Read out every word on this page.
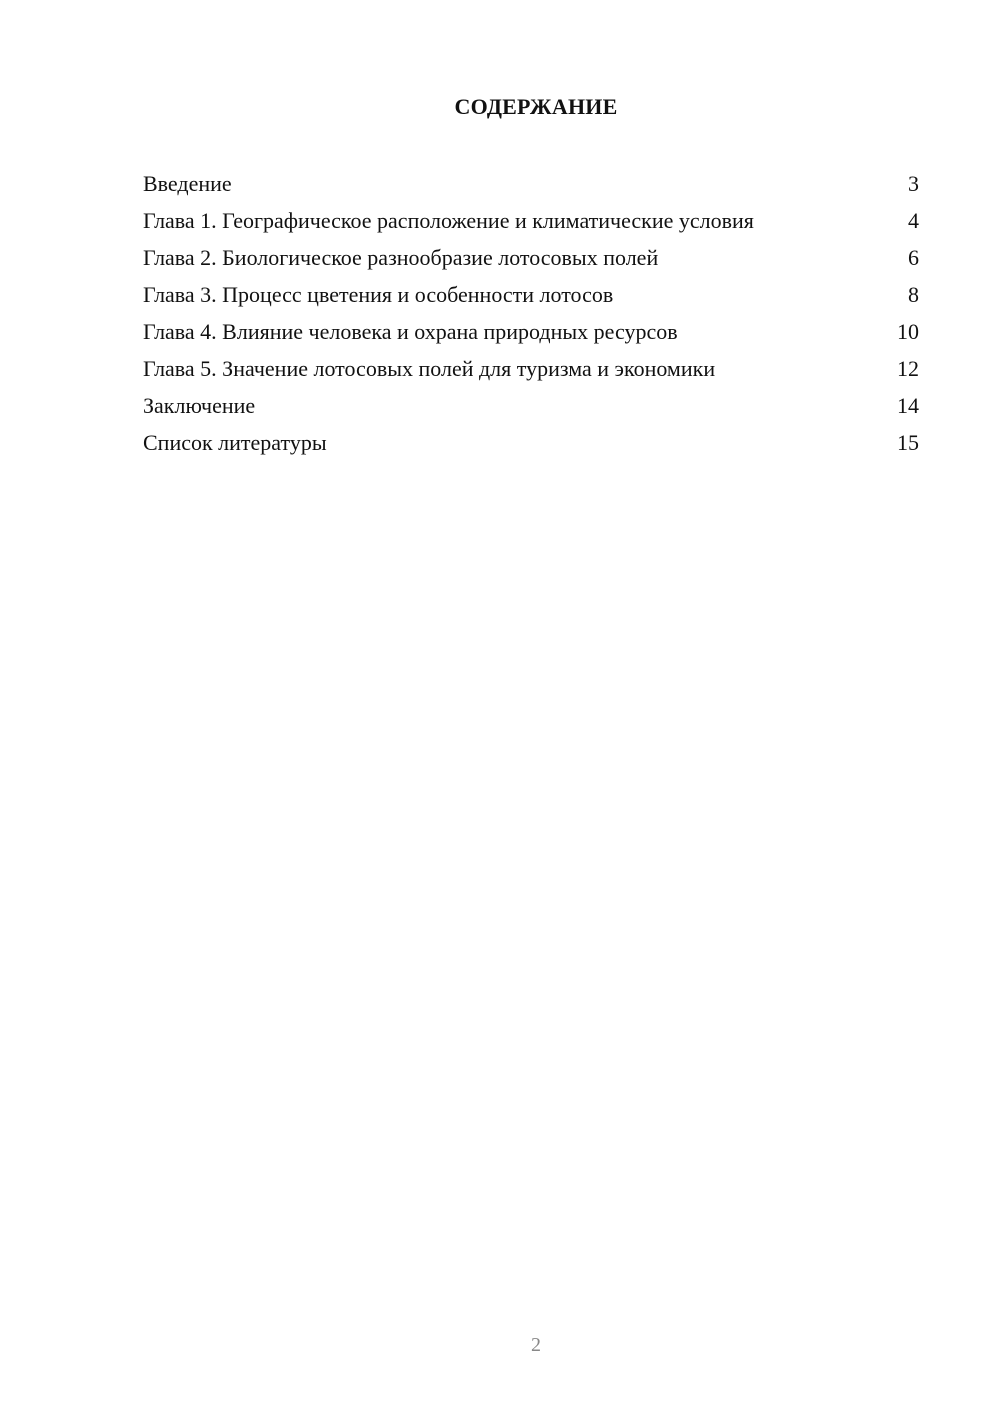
СОДЕРЖАНИЕ
Введение	3
Глава 1. Географическое расположение и климатические условия	4
Глава 2. Биологическое разнообразие лотосовых полей	6
Глава 3. Процесс цветения и особенности лотосов	8
Глава 4. Влияние человека и охрана природных ресурсов	10
Глава 5. Значение лотосовых полей для туризма и экономики	12
Заключение	14
Список литературы	15
2
